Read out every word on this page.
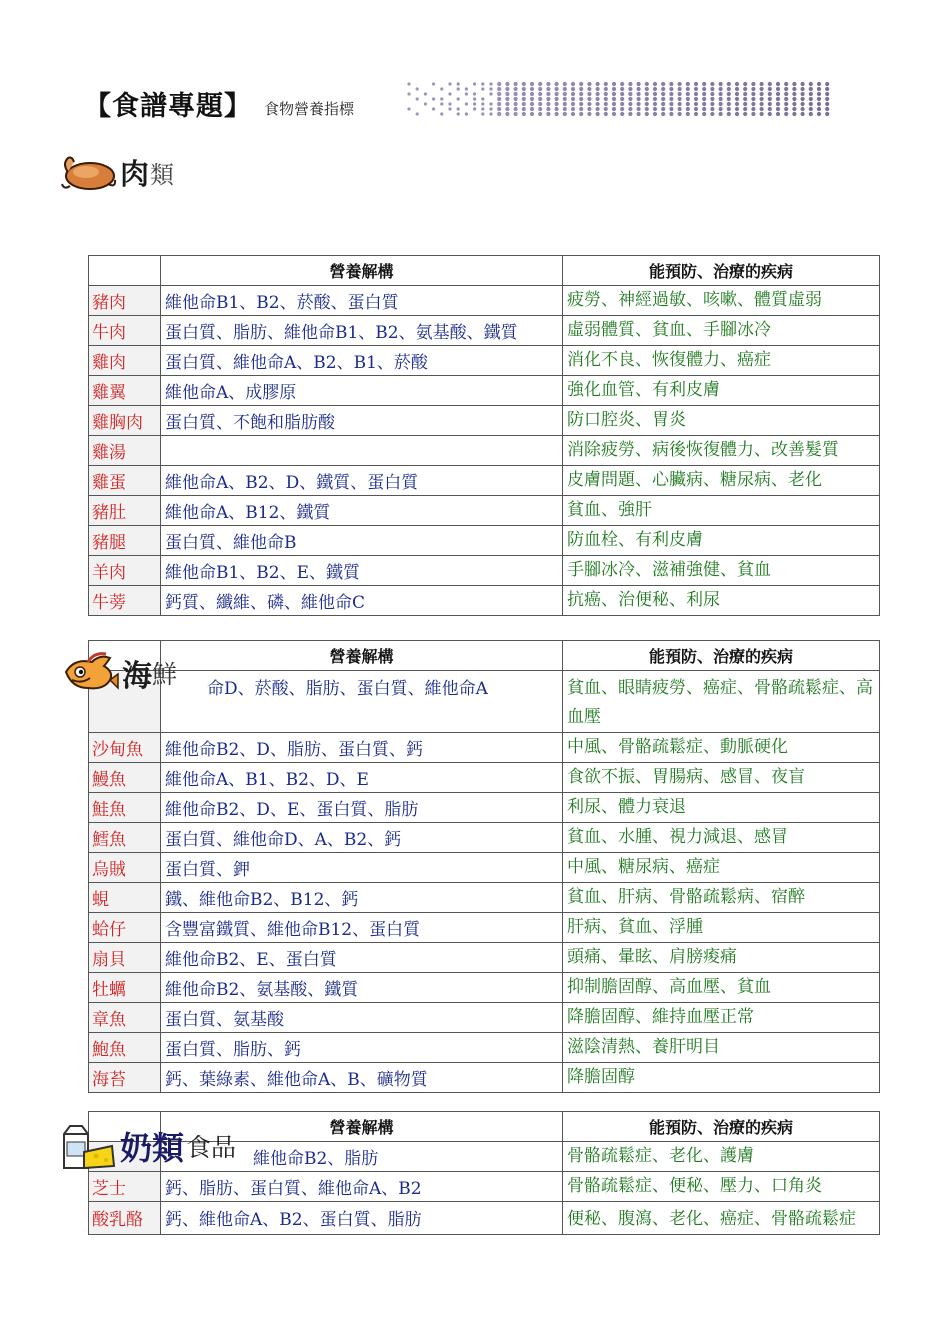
【食譜專題】 食物營養指標
肉 類
	營養解構	能預防、治療的疾病
豬肉	維他命B1、B2、菸酸、蛋白質	疲勞、神經過敏、咳嗽、體質虛弱
牛肉	蛋白質、脂肪、維他命B1、B2、氨基酸、鐵質	虛弱體質、貧血、手腳冰冷
雞肉	蛋白質、維他命A、B2、B1、菸酸	消化不良、恢復體力、癌症
雞翼	維他命A、成膠原	強化血管、有利皮膚
雞胸肉	蛋白質、不飽和脂肪酸	防口腔炎、胃炎
雞湯		消除疲勞、病後恢復體力、改善髮質
雞蛋	維他命A、B2、D、鐵質、蛋白質	皮膚問題、心臟病、糖尿病、老化
豬肚	維他命A、B12、鐵質	貧血、強肝
豬腿	蛋白質、維他命B	防血栓、有利皮膚
羊肉	維他命B1、B2、E、鐵質	手腳冰冷、滋補強健、貧血
牛蒡	鈣質、纖維、磷、維他命C	抗癌、治便秘、利尿
	營養解構	能預防、治療的疾病
	命D、菸酸、脂肪、蛋白質、維他命A	貧血、眼睛疲勞、癌症、骨骼疏鬆症、高血壓
沙甸魚	維他命B2、D、脂肪、蛋白質、鈣	中風、骨骼疏鬆症、動脈硬化
鰻魚	維他命A、B1、B2、D、E	食欲不振、胃腸病、感冒、夜盲
鮭魚	維他命B2、D、E、蛋白質、脂肪	利尿、體力衰退
鱈魚	蛋白質、維他命D、A、B2、鈣	貧血、水腫、視力減退、感冒
烏賊	蛋白質、鉀	中風、糖尿病、癌症
蜆	鐵、維他命B2、B12、鈣	貧血、肝病、骨骼疏鬆病、宿醉
蛤仔	含豐富鐵質、維他命B12、蛋白質	肝病、貧血、浮腫
扇貝	維他命B2、E、蛋白質	頭痛、暈眩、肩膀痠痛
牡蠣	維他命B2、氨基酸、鐵質	抑制膽固醇、高血壓、貧血
章魚	蛋白質、氨基酸	降膽固醇、維持血壓正常
鮑魚	蛋白質、脂肪、鈣	滋陰清熱、養肝明目
海苔	鈣、葉綠素、維他命A、B、礦物質	降膽固醇
海 鮮
	營養解構	能預防、治療的疾病
	維他命B2、脂肪	骨骼疏鬆症、老化、護膚
芝士	鈣、脂肪、蛋白質、維他命A、B2	骨骼疏鬆症、便秘、壓力、口角炎
酸乳酪	鈣、維他命A、B2、蛋白質、脂肪	便秘、腹瀉、老化、癌症、骨骼疏鬆症
奶類 食品
